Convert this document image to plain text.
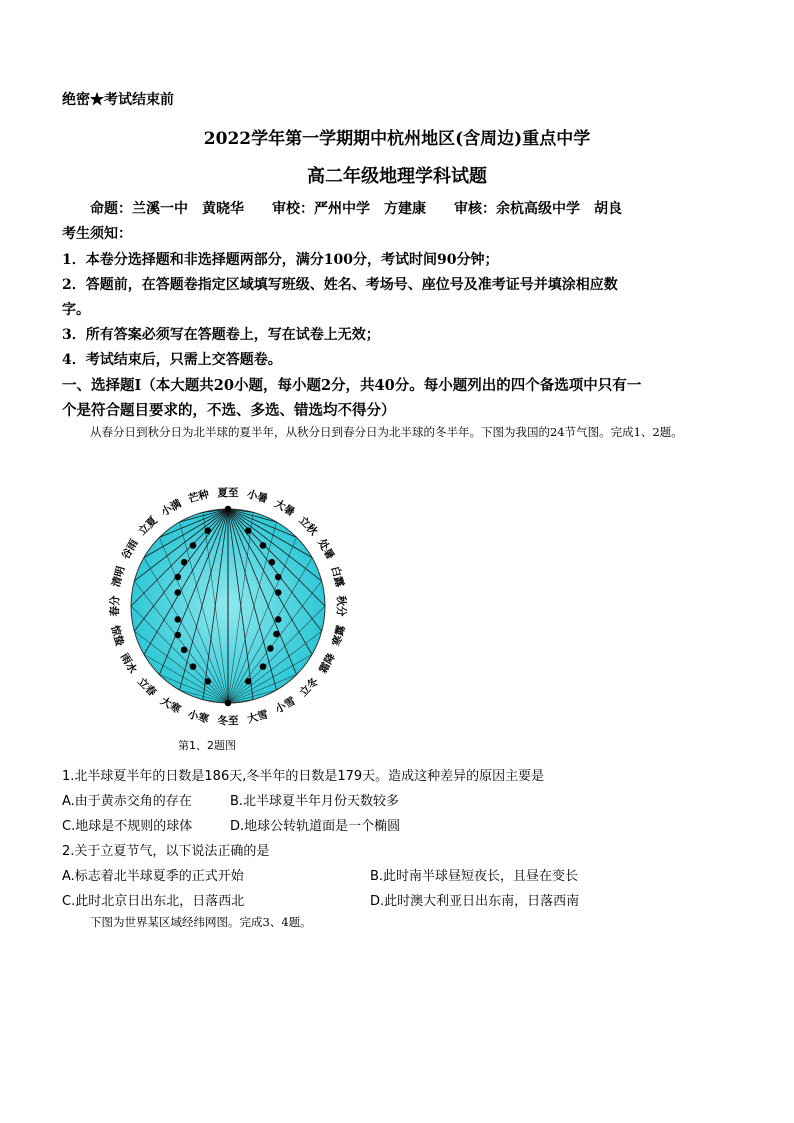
绝密★考试结束前
2022学年第一学期期中杭州地区(含周边)重点中学
高二年级地理学科试题
命题：兰溪一中　黄晓华　　审校：严州中学　方建康　　审核：余杭高级中学　胡良
考生须知：
1．本卷分选择题和非选择题两部分，满分100分，考试时间90分钟；
2．答题前，在答题卷指定区域填写班级、姓名、考场号、座位号及准考证号并填涂相应数
字。
3．所有答案必须写在答题卷上，写在试卷上无效；
4．考试结束后，只需上交答题卷。
一、选择题Ⅰ（本大题共20小题，每小题2分，共40分。每小题列出的四个备选项中只有一
个是符合题目要求的，不选、多选、错选均不得分）
从春分日到秋分日为北半球的夏半年，从秋分日到春分日为北半球的冬半年。下图为我国的24节气图。完成1、2题。
夏至 小暑
大暑
立秋
处暑
白露
秋分
寒露
霜降
立冬
小雪
大雪
冬至
小寒
大寒
立春
雨水
惊蛰
春分
清明
谷雨
立夏
小满
芒种
第1、2题图
1.北半球夏半年的日数是186天,冬半年的日数是179天。造成这种差异的原因主要是
A.由于黄赤交角的存在	B.北半球夏半年月份天数较多
C.地球是不规则的球体	D.地球公转轨道面是一个椭圆
2.关于立夏节气，以下说法正确的是
A.标志着北半球夏季的正式开始	B.此时南半球昼短夜长，且昼在变长
C.此时北京日出东北，日落西北	D.此时澳大利亚日出东南，日落西南
下图为世界某区域经纬网图。完成3、4题。
